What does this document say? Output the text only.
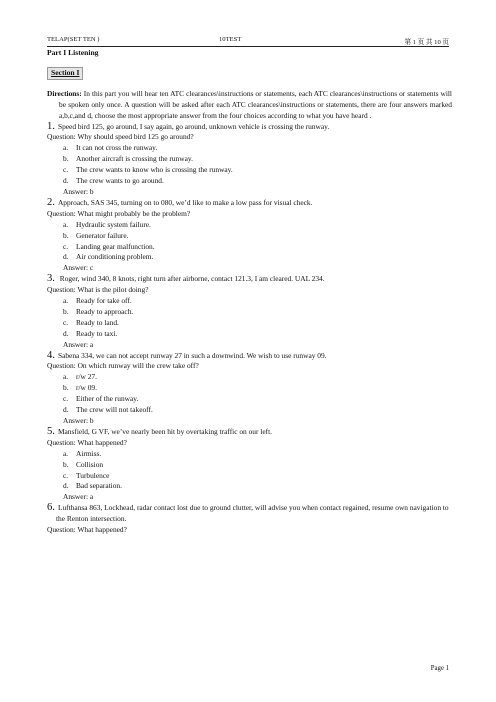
TELAP(SET TEN )	10TEST	第 1 页 共 10 页
Part I Listening
Section I
Directions: In this part you will hear ten ATC clearances\instructions or statements, each ATC clearances\instructions or statements will be spoken only once. A question will be asked after each ATC clearances\instructions or statements, there are four answers marked a,b,c,and d, choose the most appropriate answer from the four choices according to what you have heard .
1. Speed bird 125, go around, I say again, go around, unknown vehicle is crossing the runway.
Question: Why should speed bird 125 go around?
a. It can not cross the runway.
b. Another aircraft is crossing the runway.
c. The crew wants to know who is crossing the runway.
d. The crew wants to go around.
Answer: b
2. Approach, SAS 345, turning on to 080, we’d like to make a low pass for visual check.
Question: What might probably be the problem?
a. Hydraulic system failure.
b. Generator failure.
c. Landing gear malfunction.
d. Air conditioning problem.
Answer: c
3. Roger, wind 340, 8 knots, right turn after airborne, contact 121.3, I am cleared. UAL 234.
Question: What is the pilot doing?
a. Ready for take off.
b. Ready to approach.
c. Ready to land.
d. Ready to taxi.
Answer: a
4. Sabena 334, we can not accept runway 27 in such a downwind. We wish to use runway 09.
Question: On which runway will the crew take off?
a. r/w 27.
b. r/w 09.
c. Either of the runway.
d. The crew will not takeoff.
Answer: b
5. Mansfield, G VF, we’ve nearly been hit by overtaking traffic on our left.
Question: What happened?
a. Airmiss.
b. Collision
c. Turbulence
d. Bad separation.
Answer: a
6. Lufthansa 863, Lockhead, radar contact lost due to ground clutter, will advise you when contact regained, resume own navigation to the Renton intersection.
Question: What happened?
Page 1
